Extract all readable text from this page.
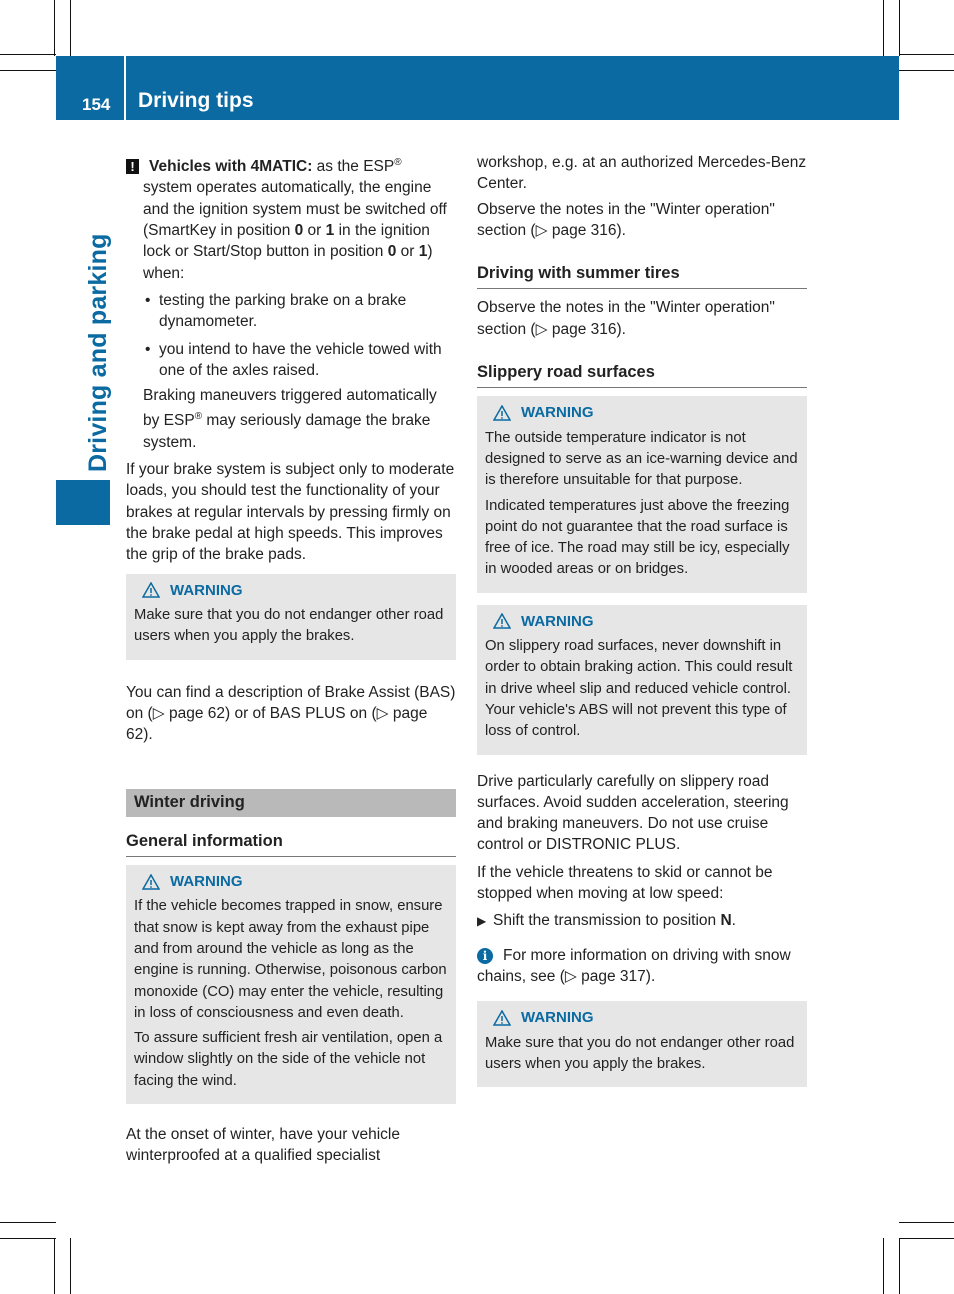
154 Driving tips
Driving and parking

! Vehicles with 4MATIC: as the ESP®

system operates automatically, the engine and the ignition system must be switched off (SmartKey in position 0 or 1 in the ignition lock or Start/Stop button in position 0 or 1) when:

• testing the parking brake on a brake dynamometer.
• you intend to have the vehicle towed with one of the axles raised.

Braking maneuvers triggered automatically by ESP® may seriously damage the brake system.

If your brake system is subject only to moderate loads, you should test the functionality of your brakes at regular intervals by pressing firmly on the brake pedal at high speeds. This improves the grip of the brake pads.

WARNING

Make sure that you do not endanger other road users when you apply the brakes.

You can find a description of Brake Assist (BAS) on (▷ page 62) or of BAS PLUS on (▷ page 62).

Winter driving
General information
WARNING

If the vehicle becomes trapped in snow, ensure that snow is kept away from the exhaust pipe and from around the vehicle as long as the engine is running. Otherwise, poisonous carbon monoxide (CO) may enter the vehicle, resulting in loss of consciousness and even death.

To assure sufficient fresh air ventilation, open a window slightly on the side of the vehicle not facing the wind.

At the onset of winter, have your vehicle winterproofed at a qualified specialist

workshop, e.g. at an authorized Mercedes-Benz Center.

Observe the notes in the "Winter operation" section (▷ page 316).

Driving with summer tires

Observe the notes in the "Winter operation" section (▷ page 316).

Slippery road surfaces
WARNING

The outside temperature indicator is not designed to serve as an ice-warning device and is therefore unsuitable for that purpose.

Indicated temperatures just above the freezing point do not guarantee that the road surface is free of ice. The road may still be icy, especially in wooded areas or on bridges.

WARNING

On slippery road surfaces, never downshift in order to obtain braking action. This could result in drive wheel slip and reduced vehicle control. Your vehicle's ABS will not prevent this type of loss of control.

Drive particularly carefully on slippery road surfaces. Avoid sudden acceleration, steering and braking maneuvers. Do not use cruise control or DISTRONIC PLUS.

If the vehicle threatens to skid or cannot be stopped when moving at low speed:

▶ Shift the transmission to position N.

i For more information on driving with snow chains, see (▷ page 317).

WARNING

Make sure that you do not endanger other road users when you apply the brakes.
